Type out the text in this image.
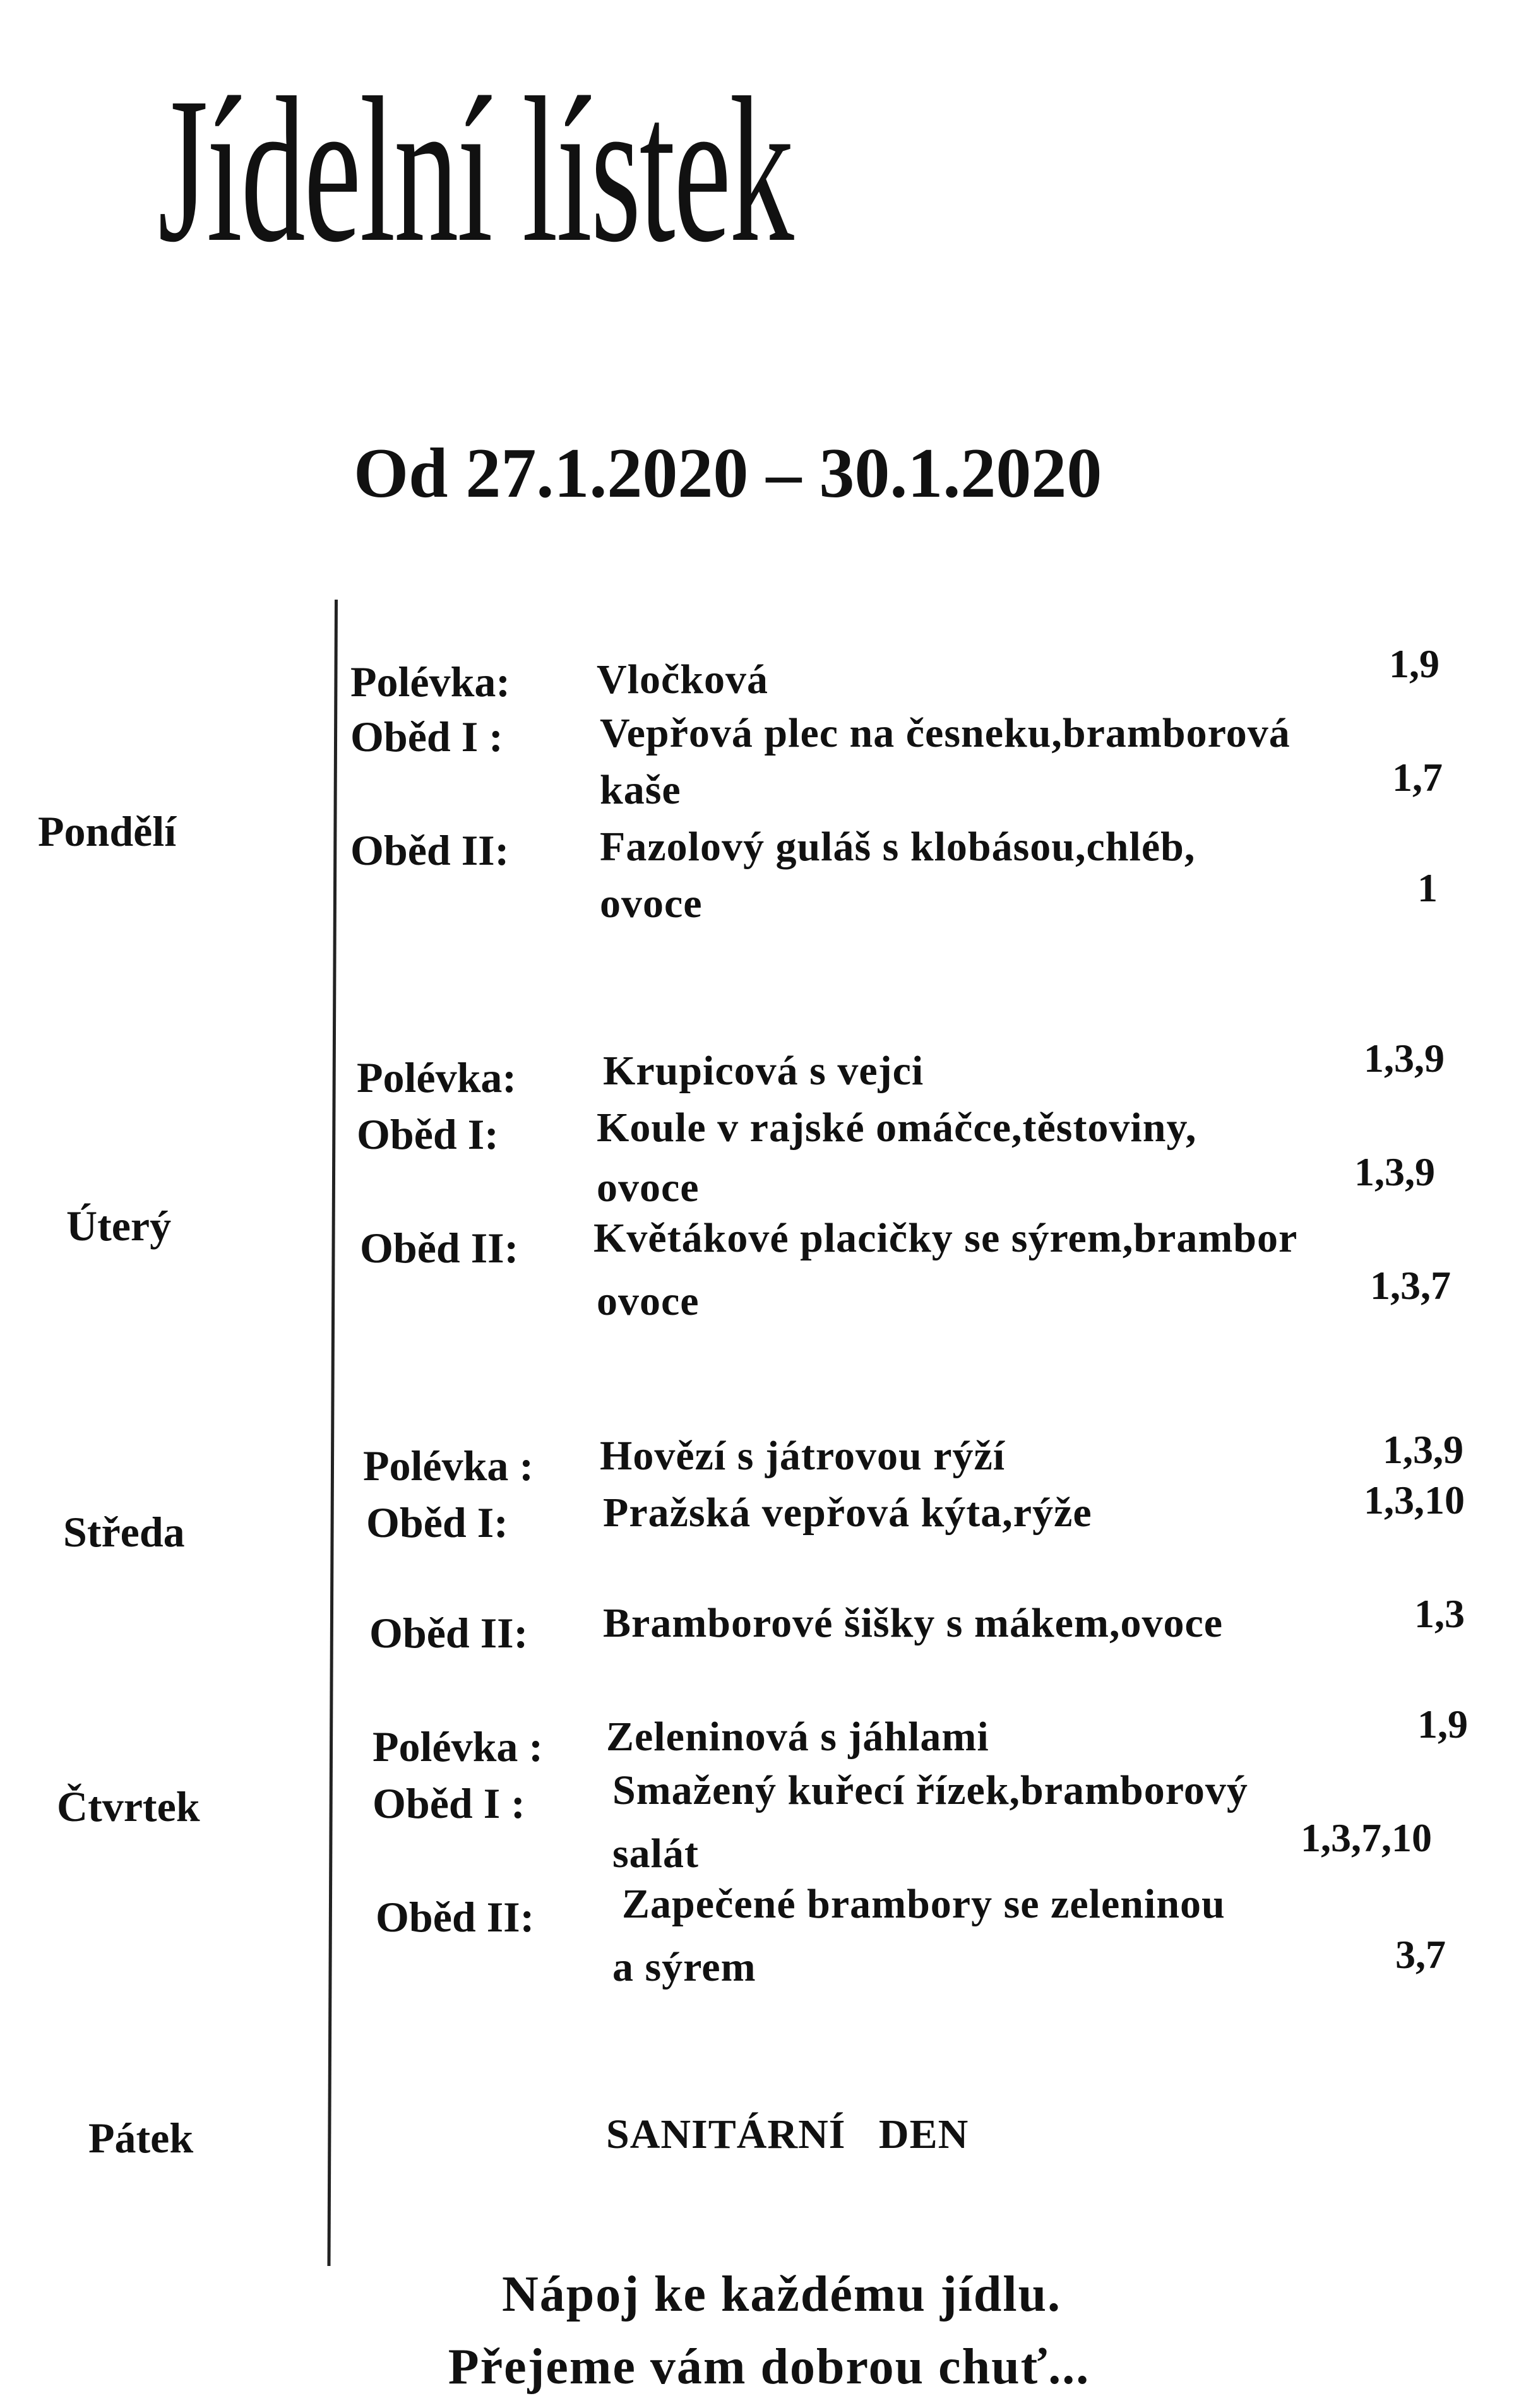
Jídelní lístek
Od 27.1.2020 – 30.1.2020
Pondělí
Polévka: Vločková	1,9
Oběd I : Vepřová plec na česneku,bramborová
kaše	1,7
Oběd II: Fazolový guláš s klobásou,chléb,
ovoce	1
Úterý
Polévka: Krupicová s vejci	1,3,9
Oběd I: Koule v rajské omáčce,těstoviny,
ovoce	1,3,9
Oběd II: Květákové placičky se sýrem,brambor
ovoce	1,3,7
Středa
Polévka : Hovězí s játrovou rýží	1,3,9
Oběd I: Pražská vepřová kýta,rýže	1,3,10
Oběd II: Bramborové šišky s mákem,ovoce	1,3
Čtvrtek
Polévka : Zeleninová s jáhlami	1,9
Oběd I : Smažený kuřecí řízek,bramborový
salát	1,3,7,10
Oběd II: Zapečené brambory se zeleninou
a sýrem	3,7
Pátek	SANITÁRNÍ   DEN
Nápoj ke každému jídlu.
Přejeme vám dobrou chuť...
